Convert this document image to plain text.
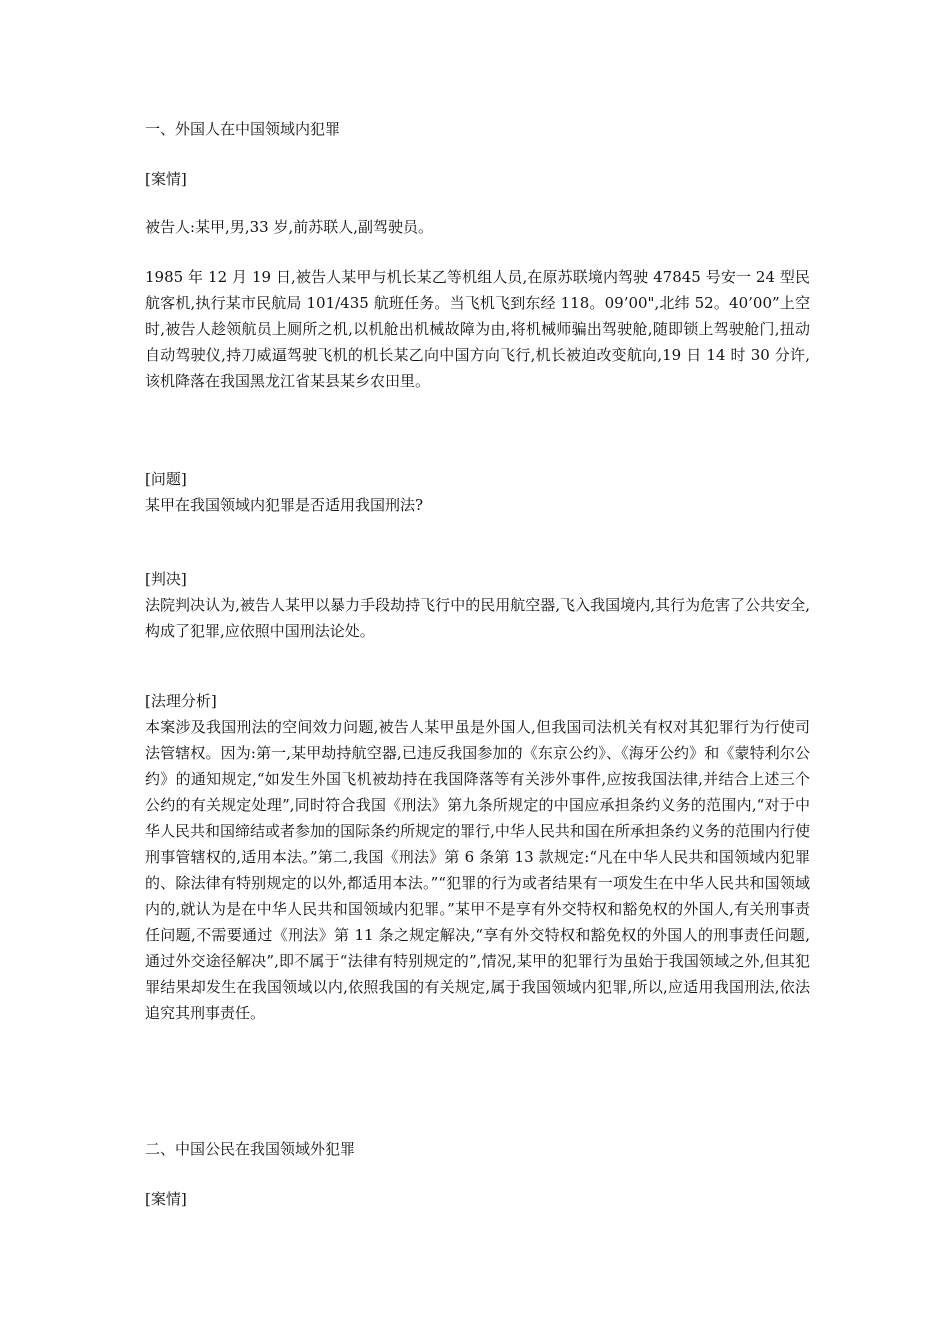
一、外国人在中国领域内犯罪

[案情]

被告人:某甲,男,33 岁,前苏联人,副驾驶员。

1985 年 12 月 19 日,被告人某甲与机长某乙等机组人员,在原苏联境内驾驶 47845 号安一 24 型民航客机,执行某市民航局 101/435 航班任务。当飞机飞到东经 118。09’00",北纬 52。40’00”上空时,被告人趁领航员上厕所之机,以机舱出机械故障为由,将机械师骗出驾驶舱,随即锁上驾驶舱门,扭动自动驾驶仪,持刀威逼驾驶飞机的机长某乙向中国方向飞行,机长被迫改变航向,19 日 14 时 30 分许,该机降落在我国黑龙江省某县某乡农田里。

[问题]

某甲在我国领域内犯罪是否适用我国刑法?

[判决]

法院判决认为,被告人某甲以暴力手段劫持飞行中的民用航空器,飞入我国境内,其行为危害了公共安全,构成了犯罪,应依照中国刑法论处。

[法理分析]

本案涉及我国刑法的空间效力问题,被告人某甲虽是外国人,但我国司法机关有权对其犯罪行为行使司法管辖权。因为:第一,某甲劫持航空器,已违反我国参加的《东京公约》、《海牙公约》和《蒙特利尔公约》的通知规定,“如发生外国飞机被劫持在我国降落等有关涉外事件,应按我国法律,并结合上述三个公约的有关规定处理”,同时符合我国《刑法》第九条所规定的中国应承担条约义务的范围内,“对于中华人民共和国缔结或者参加的国际条约所规定的罪行,中华人民共和国在所承担条约义务的范围内行使刑事管辖权的,适用本法。”第二,我国《刑法》第 6 条第 13 款规定:“凡在中华人民共和国领域内犯罪的、除法律有特别规定的以外,都适用本法。”“犯罪的行为或者结果有一项发生在中华人民共和国领域内的,就认为是在中华人民共和国领域内犯罪。”某甲不是享有外交特权和豁免权的外国人,有关刑事责任问题,不需要通过《刑法》第 11 条之规定解决,“享有外交特权和豁免权的外国人的刑事责任问题,通过外交途径解决”,即不属于“法律有特别规定的”,情况,某甲的犯罪行为虽始于我国领域之外,但其犯罪结果却发生在我国领域以内,依照我国的有关规定,属于我国领域内犯罪,所以,应适用我国刑法,依法追究其刑事责任。

二、中国公民在我国领域外犯罪

[案情]
